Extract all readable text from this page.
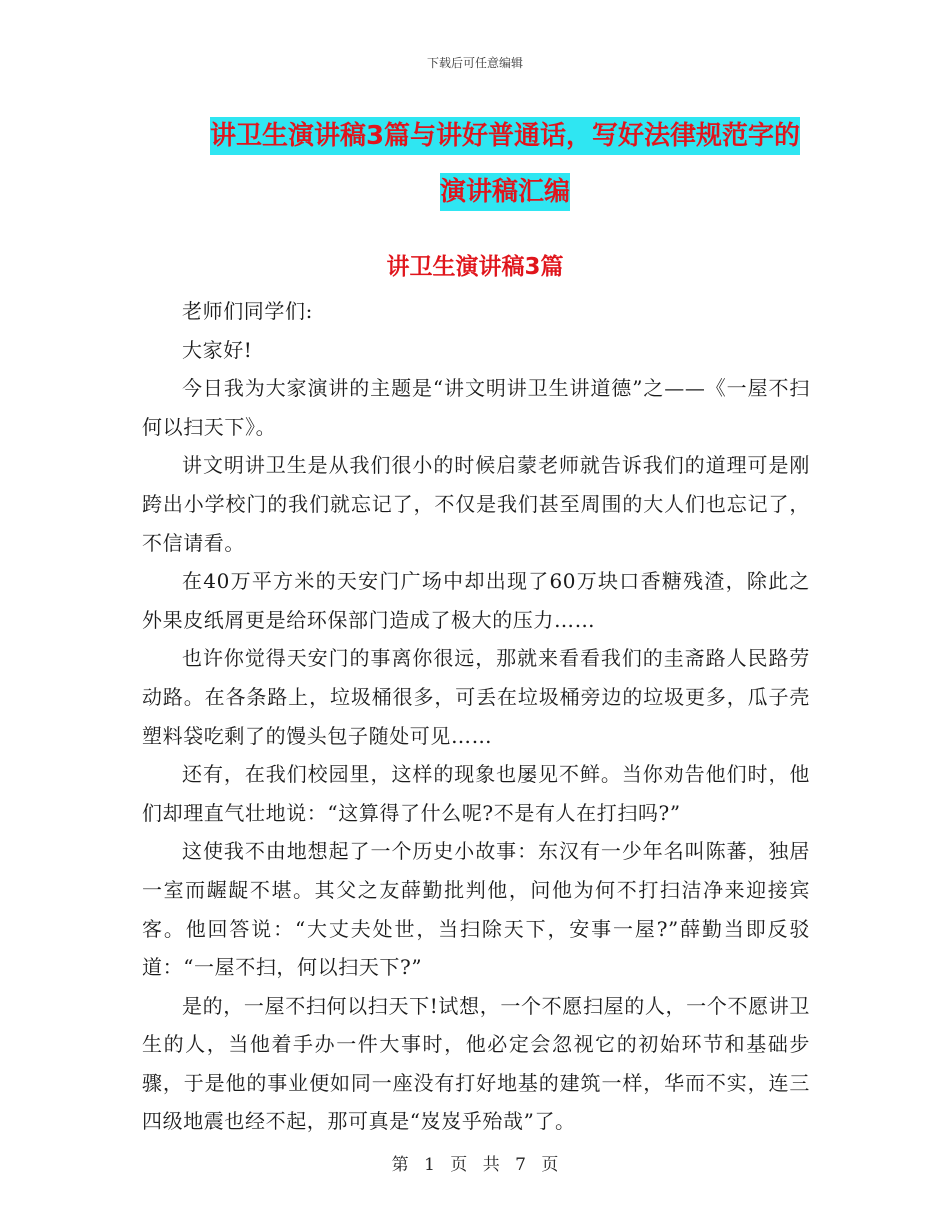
下载后可任意编辑
讲卫生演讲稿3篇与讲好普通话，写好法律规范字的
演讲稿汇编
讲卫生演讲稿3篇

老师们同学们:

大家好!

今日我为大家演讲的主题是“讲文明讲卫生讲道德”之——《一屋不扫何以扫天下》。

讲文明讲卫生是从我们很小的时候启蒙老师就告诉我们的道理可是刚跨出小学校门的我们就忘记了，不仅是我们甚至周围的大人们也忘记了，不信请看。

在40万平方米的天安门广场中却出现了60万块口香糖残渣，除此之外果皮纸屑更是给环保部门造成了极大的压力……

也许你觉得天安门的事离你很远，那就来看看我们的圭斋路人民路劳动路。在各条路上，垃圾桶很多，可丢在垃圾桶旁边的垃圾更多，瓜子壳塑料袋吃剩了的馒头包子随处可见……

还有，在我们校园里，这样的现象也屡见不鲜。当你劝告他们时，他们却理直气壮地说：“这算得了什么呢?不是有人在打扫吗?”

这使我不由地想起了一个历史小故事：东汉有一少年名叫陈蕃，独居一室而龌龊不堪。其父之友薛勤批判他，问他为何不打扫洁净来迎接宾客。他回答说：“大丈夫处世，当扫除天下，安事一屋?”薛勤当即反驳道：“一屋不扫，何以扫天下?”

是的，一屋不扫何以扫天下!试想，一个不愿扫屋的人，一个不愿讲卫生的人，当他着手办一件大事时，他必定会忽视它的初始环节和基础步骤，于是他的事业便如同一座没有打好地基的建筑一样，华而不实，连三四级地震也经不起，那可真是“岌岌乎殆哉”了。

第 1 页 共 7 页
